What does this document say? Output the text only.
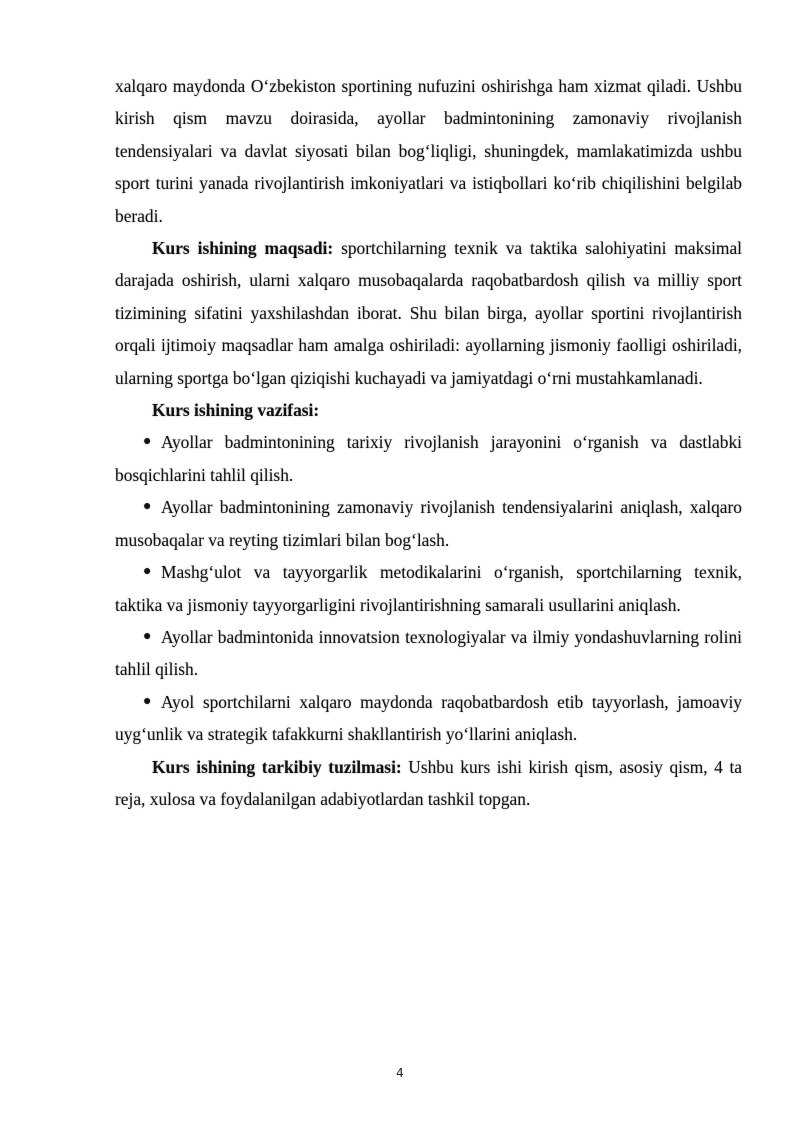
xalqaro maydonda O‘zbekiston sportining nufuzini oshirishga ham xizmat qiladi. Ushbu kirish qism mavzu doirasida, ayollar badmintonining zamonaviy rivojlanish tendensiyalari va davlat siyosati bilan bog‘liqligi, shuningdek, mamlakatimizda ushbu sport turini yanada rivojlantirish imkoniyatlari va istiqbollari ko‘rib chiqilishini belgilab beradi.

Kurs ishining maqsadi: sportchilarning texnik va taktika salohiyatini maksimal darajada oshirish, ularni xalqaro musobaqalarda raqobatbardosh qilish va milliy sport tizimining sifatini yaxshilashdan iborat. Shu bilan birga, ayollar sportini rivojlantirish orqali ijtimoiy maqsadlar ham amalga oshiriladi: ayollarning jismoniy faolligi oshiriladi, ularning sportga bo‘lgan qiziqishi kuchayadi va jamiyatdagi o‘rni mustahkamlanadi.

Kurs ishining vazifasi:

● Ayollar badmintonining tarixiy rivojlanish jarayonini o‘rganish va dastlabki bosqichlarini tahlil qilish.

● Ayollar badmintonining zamonaviy rivojlanish tendensiyalarini aniqlash, xalqaro musobaqalar va reyting tizimlari bilan bog‘lash.

● Mashg‘ulot va tayyorgarlik metodikalarini o‘rganish, sportchilarning texnik, taktika va jismoniy tayyorgarligini rivojlantirishning samarali usullarini aniqlash.

● Ayollar badmintonida innovatsion texnologiyalar va ilmiy yondashuvlarning rolini tahlil qilish.

● Ayol sportchilarni xalqaro maydonda raqobatbardosh etib tayyorlash, jamoaviy uyg‘unlik va strategik tafakkurni shakllantirish yo‘llarini aniqlash.

Kurs ishining tarkibiy tuzilmasi: Ushbu kurs ishi kirish qism, asosiy qism, 4 ta reja, xulosa va foydalanilgan adabiyotlardan tashkil topgan.

4
